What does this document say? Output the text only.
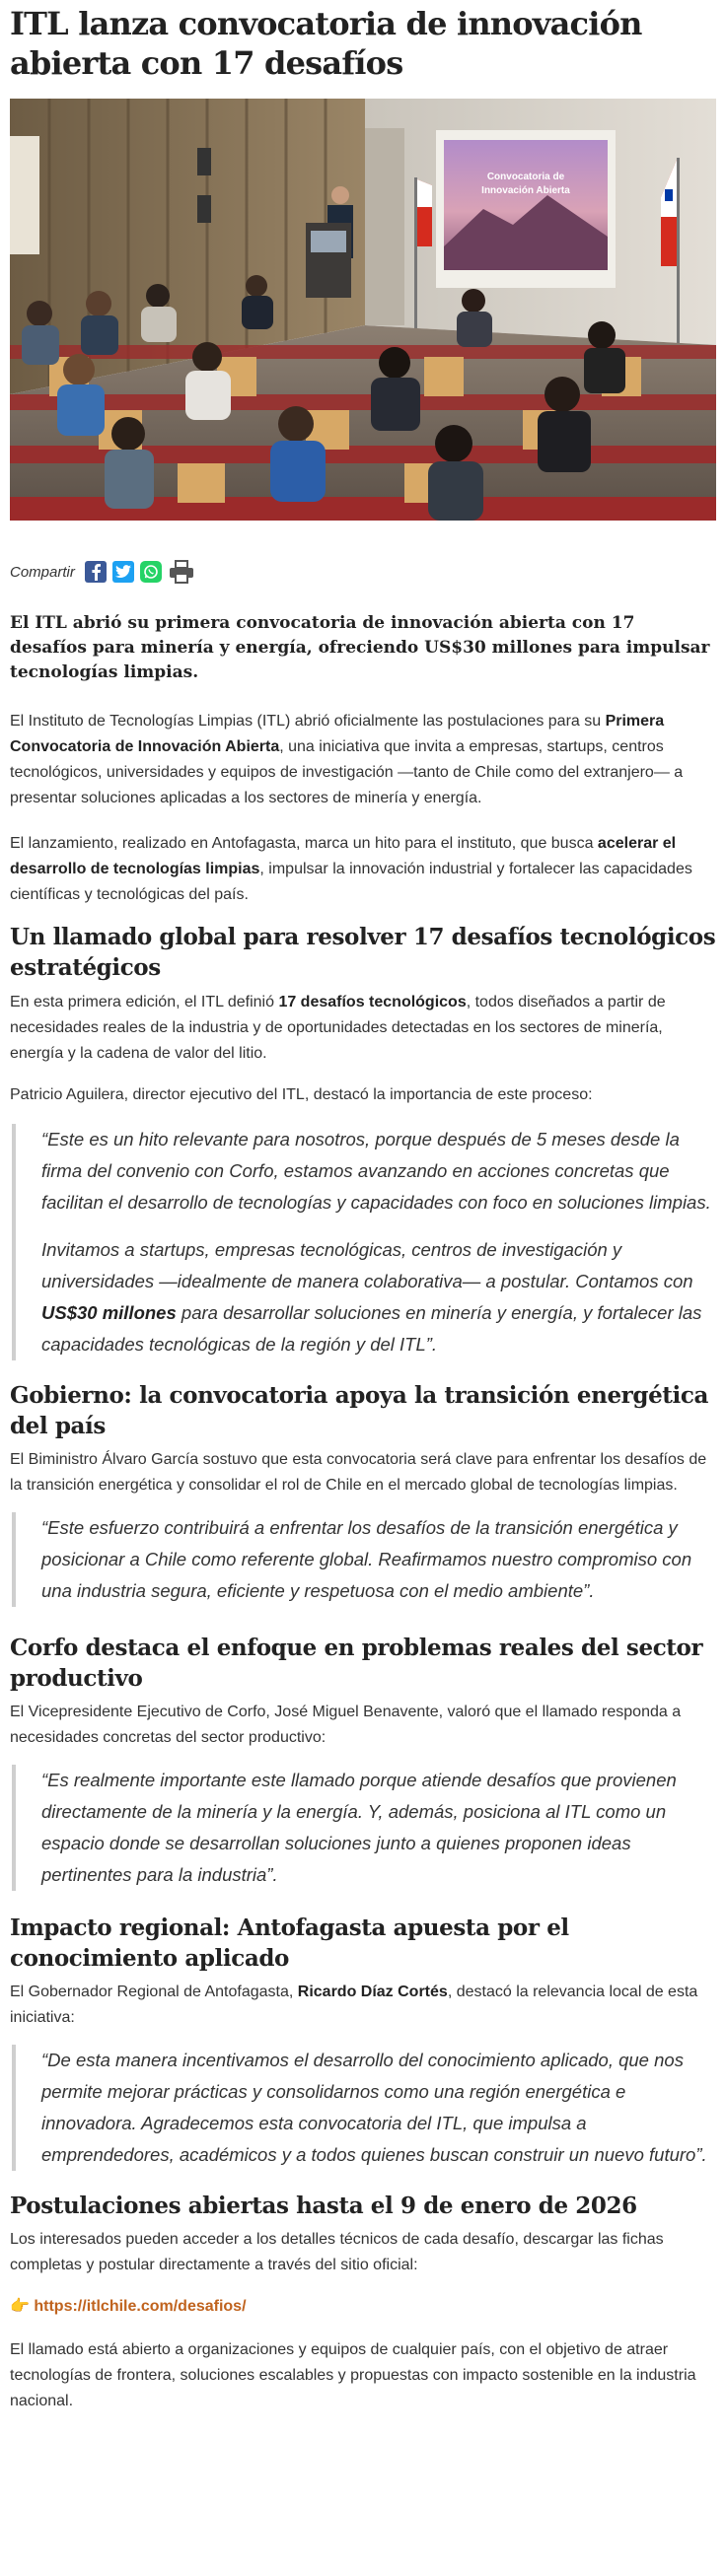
ITL lanza convocatoria de innovación abierta con 17 desafíos
Convocatoria de
Innovación Abierta
Compartir
El ITL abrió su primera convocatoria de innovación abierta con 17 desafíos para minería y energía, ofreciendo US$30 millones para impulsar tecnologías limpias.

El Instituto de Tecnologías Limpias (ITL) abrió oficialmente las postulaciones para su Primera Convocatoria de Innovación Abierta, una iniciativa que invita a empresas, startups, centros tecnológicos, universidades y equipos de investigación —tanto de Chile como del extranjero— a presentar soluciones aplicadas a los sectores de minería y energía.

El lanzamiento, realizado en Antofagasta, marca un hito para el instituto, que busca acelerar el desarrollo de tecnologías limpias, impulsar la innovación industrial y fortalecer las capacidades científicas y tecnológicas del país.

Un llamado global para resolver 17 desafíos tecnológicos estratégicos

En esta primera edición, el ITL definió 17 desafíos tecnológicos, todos diseñados a partir de necesidades reales de la industria y de oportunidades detectadas en los sectores de minería, energía y la cadena de valor del litio.

Patricio Aguilera, director ejecutivo del ITL, destacó la importancia de este proceso:

“Este es un hito relevante para nosotros, porque después de 5 meses desde la firma del convenio con Corfo, estamos avanzando en acciones concretas que facilitan el desarrollo de tecnologías y capacidades con foco en soluciones limpias.

Invitamos a startups, empresas tecnológicas, centros de investigación y universidades —idealmente de manera colaborativa— a postular. Contamos con US$30 millones para desarrollar soluciones en minería y energía, y fortalecer las capacidades tecnológicas de la región y del ITL”.

Gobierno: la convocatoria apoya la transición energética del país

El Biministro Álvaro García sostuvo que esta convocatoria será clave para enfrentar los desafíos de la transición energética y consolidar el rol de Chile en el mercado global de tecnologías limpias.

“Este esfuerzo contribuirá a enfrentar los desafíos de la transición energética y posicionar a Chile como referente global. Reafirmamos nuestro compromiso con una industria segura, eficiente y respetuosa con el medio ambiente”.

Corfo destaca el enfoque en problemas reales del sector productivo

El Vicepresidente Ejecutivo de Corfo, José Miguel Benavente, valoró que el llamado responda a necesidades concretas del sector productivo:

“Es realmente importante este llamado porque atiende desafíos que provienen directamente de la minería y la energía. Y, además, posiciona al ITL como un espacio donde se desarrollan soluciones junto a quienes proponen ideas pertinentes para la industria”.

Impacto regional: Antofagasta apuesta por el conocimiento aplicado

El Gobernador Regional de Antofagasta, Ricardo Díaz Cortés, destacó la relevancia local de esta iniciativa:

“De esta manera incentivamos el desarrollo del conocimiento aplicado, que nos permite mejorar prácticas y consolidarnos como una región energética e innovadora. Agradecemos esta convocatoria del ITL, que impulsa a emprendedores, académicos y a todos quienes buscan construir un nuevo futuro”.

Postulaciones abiertas hasta el 9 de enero de 2026

Los interesados pueden acceder a los detalles técnicos de cada desafío, descargar las fichas completas y postular directamente a través del sitio oficial:

👉 https://itlchile.com/desafios/

El llamado está abierto a organizaciones y equipos de cualquier país, con el objetivo de atraer tecnologías de frontera, soluciones escalables y propuestas con impacto sostenible en la industria nacional.
